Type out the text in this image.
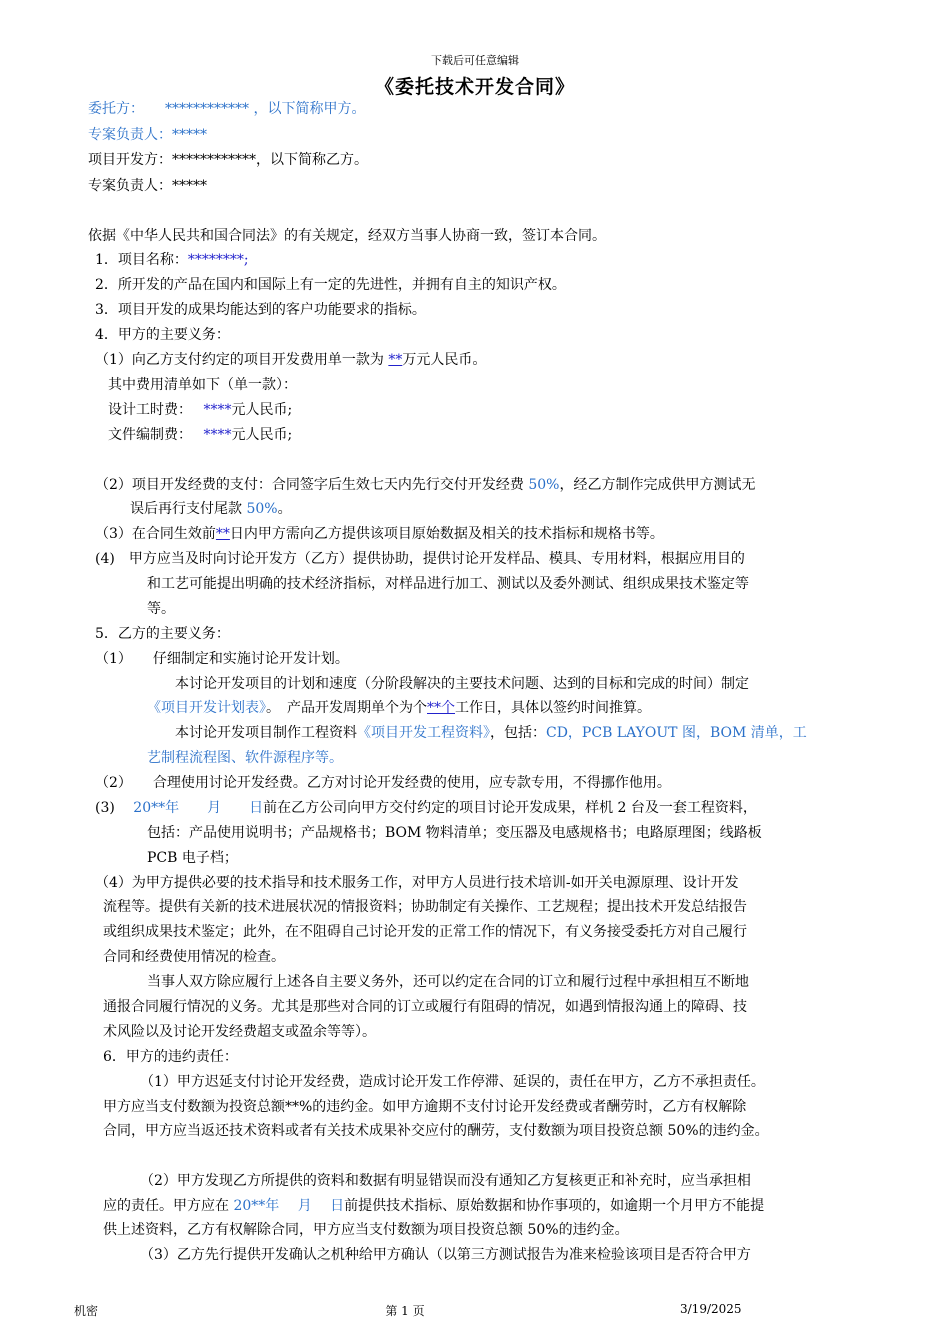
下载后可任意编辑
《委托技术开发合同》
委托方：　　************ ，以下简称甲方。
专案负责人：*****
项目开发方：************，以下简称乙方。
专案负责人：*****
依据《中华人民共和国合同法》的有关规定，经双方当事人协商一致，签订本合同。
1．项目名称：********;
2．所开发的产品在国内和国际上有一定的先进性，并拥有自主的知识产权。
3．项目开发的成果均能达到的客户功能要求的指标。
4．甲方的主要义务：
（1）向乙方支付约定的项目开发费用单一款为 **万元人民币。
其中费用清单如下（单一款）：
设计工时费：　 ****元人民币;
文件编制费：　 ****元人民币;
（2）项目开发经费的支付：合同签字后生效七天内先行交付开发经费 50%，经乙方制作完成供甲方测试无
误后再行支付尾款 50%。
（3）在合同生效前**日内甲方需向乙方提供该项目原始数据及相关的技术指标和规格书等。
(4)　甲方应当及时向讨论开发方（乙方）提供协助，提供讨论开发样品、模具、专用材料，根据应用目的
和工艺可能提出明确的技术经济指标，对样品进行加工、测试以及委外测试、组织成果技术鉴定等
等。
5．乙方的主要义务：
（1）　　仔细制定和实施讨论开发计划。
本讨论开发项目的计划和速度（分阶段解决的主要技术问题、达到的目标和完成的时间）制定
《项目开发计划表》。　产品开发周期单个为个**个工作日，具体以签约时间推算。
本讨论开发项目制作工程资料《项目开发工程资料》，包括：CD，PCB LAYOUT 图，BOM 清单，工
艺制程流程图、软件源程序等。
（2）　　合理使用讨论开发经费。乙方对讨论开发经费的使用，应专款专用，不得挪作他用。
(3)　 20**年　　月　　日前在乙方公司向甲方交付约定的项目讨论开发成果，样机 2 台及一套工程资料，
包括：产品使用说明书；产品规格书；BOM 物料清单；变压器及电感规格书；电路原理图；线路板
PCB 电子档；
（4）为甲方提供必要的技术指导和技术服务工作，对甲方人员进行技术培训-如开关电源原理、设计开发
流程等。提供有关新的技术进展状况的情报资料；协助制定有关操作、工艺规程；提出技术开发总结报告
或组织成果技术鉴定；此外，在不阻碍自己讨论开发的正常工作的情况下，有义务接受委托方对自己履行
合同和经费使用情况的检查。
当事人双方除应履行上述各自主要义务外，还可以约定在合同的订立和履行过程中承担相互不断地
通报合同履行情况的义务。尤其是那些对合同的订立或履行有阻碍的情况，如遇到情报沟通上的障碍、技
术风险以及讨论开发经费超支或盈余等等）。
6．甲方的违约责任：
（1）甲方迟延支付讨论开发经费，造成讨论开发工作停滞、延误的，责任在甲方，乙方不承担责任。
甲方应当支付数额为投资总额**%的违约金。如甲方逾期不支付讨论开发经费或者酬劳时，乙方有权解除
合同，甲方应当返还技术资料或者有关技术成果补交应付的酬劳，支付数额为项目投资总额 50%的违约金。
（2）甲方发现乙方所提供的资料和数据有明显错误而没有通知乙方复核更正和补充时，应当承担相
应的责任。甲方应在 20**年　 月　 日前提供技术指标、原始数据和协作事项的，如逾期一个月甲方不能提
供上述资料，乙方有权解除合同，甲方应当支付数额为项目投资总额 50%的违约金。
（3）乙方先行提供开发确认之机种给甲方确认（以第三方测试报告为准来检验该项目是否符合甲方
机密	第 1 页	3/19/2025
